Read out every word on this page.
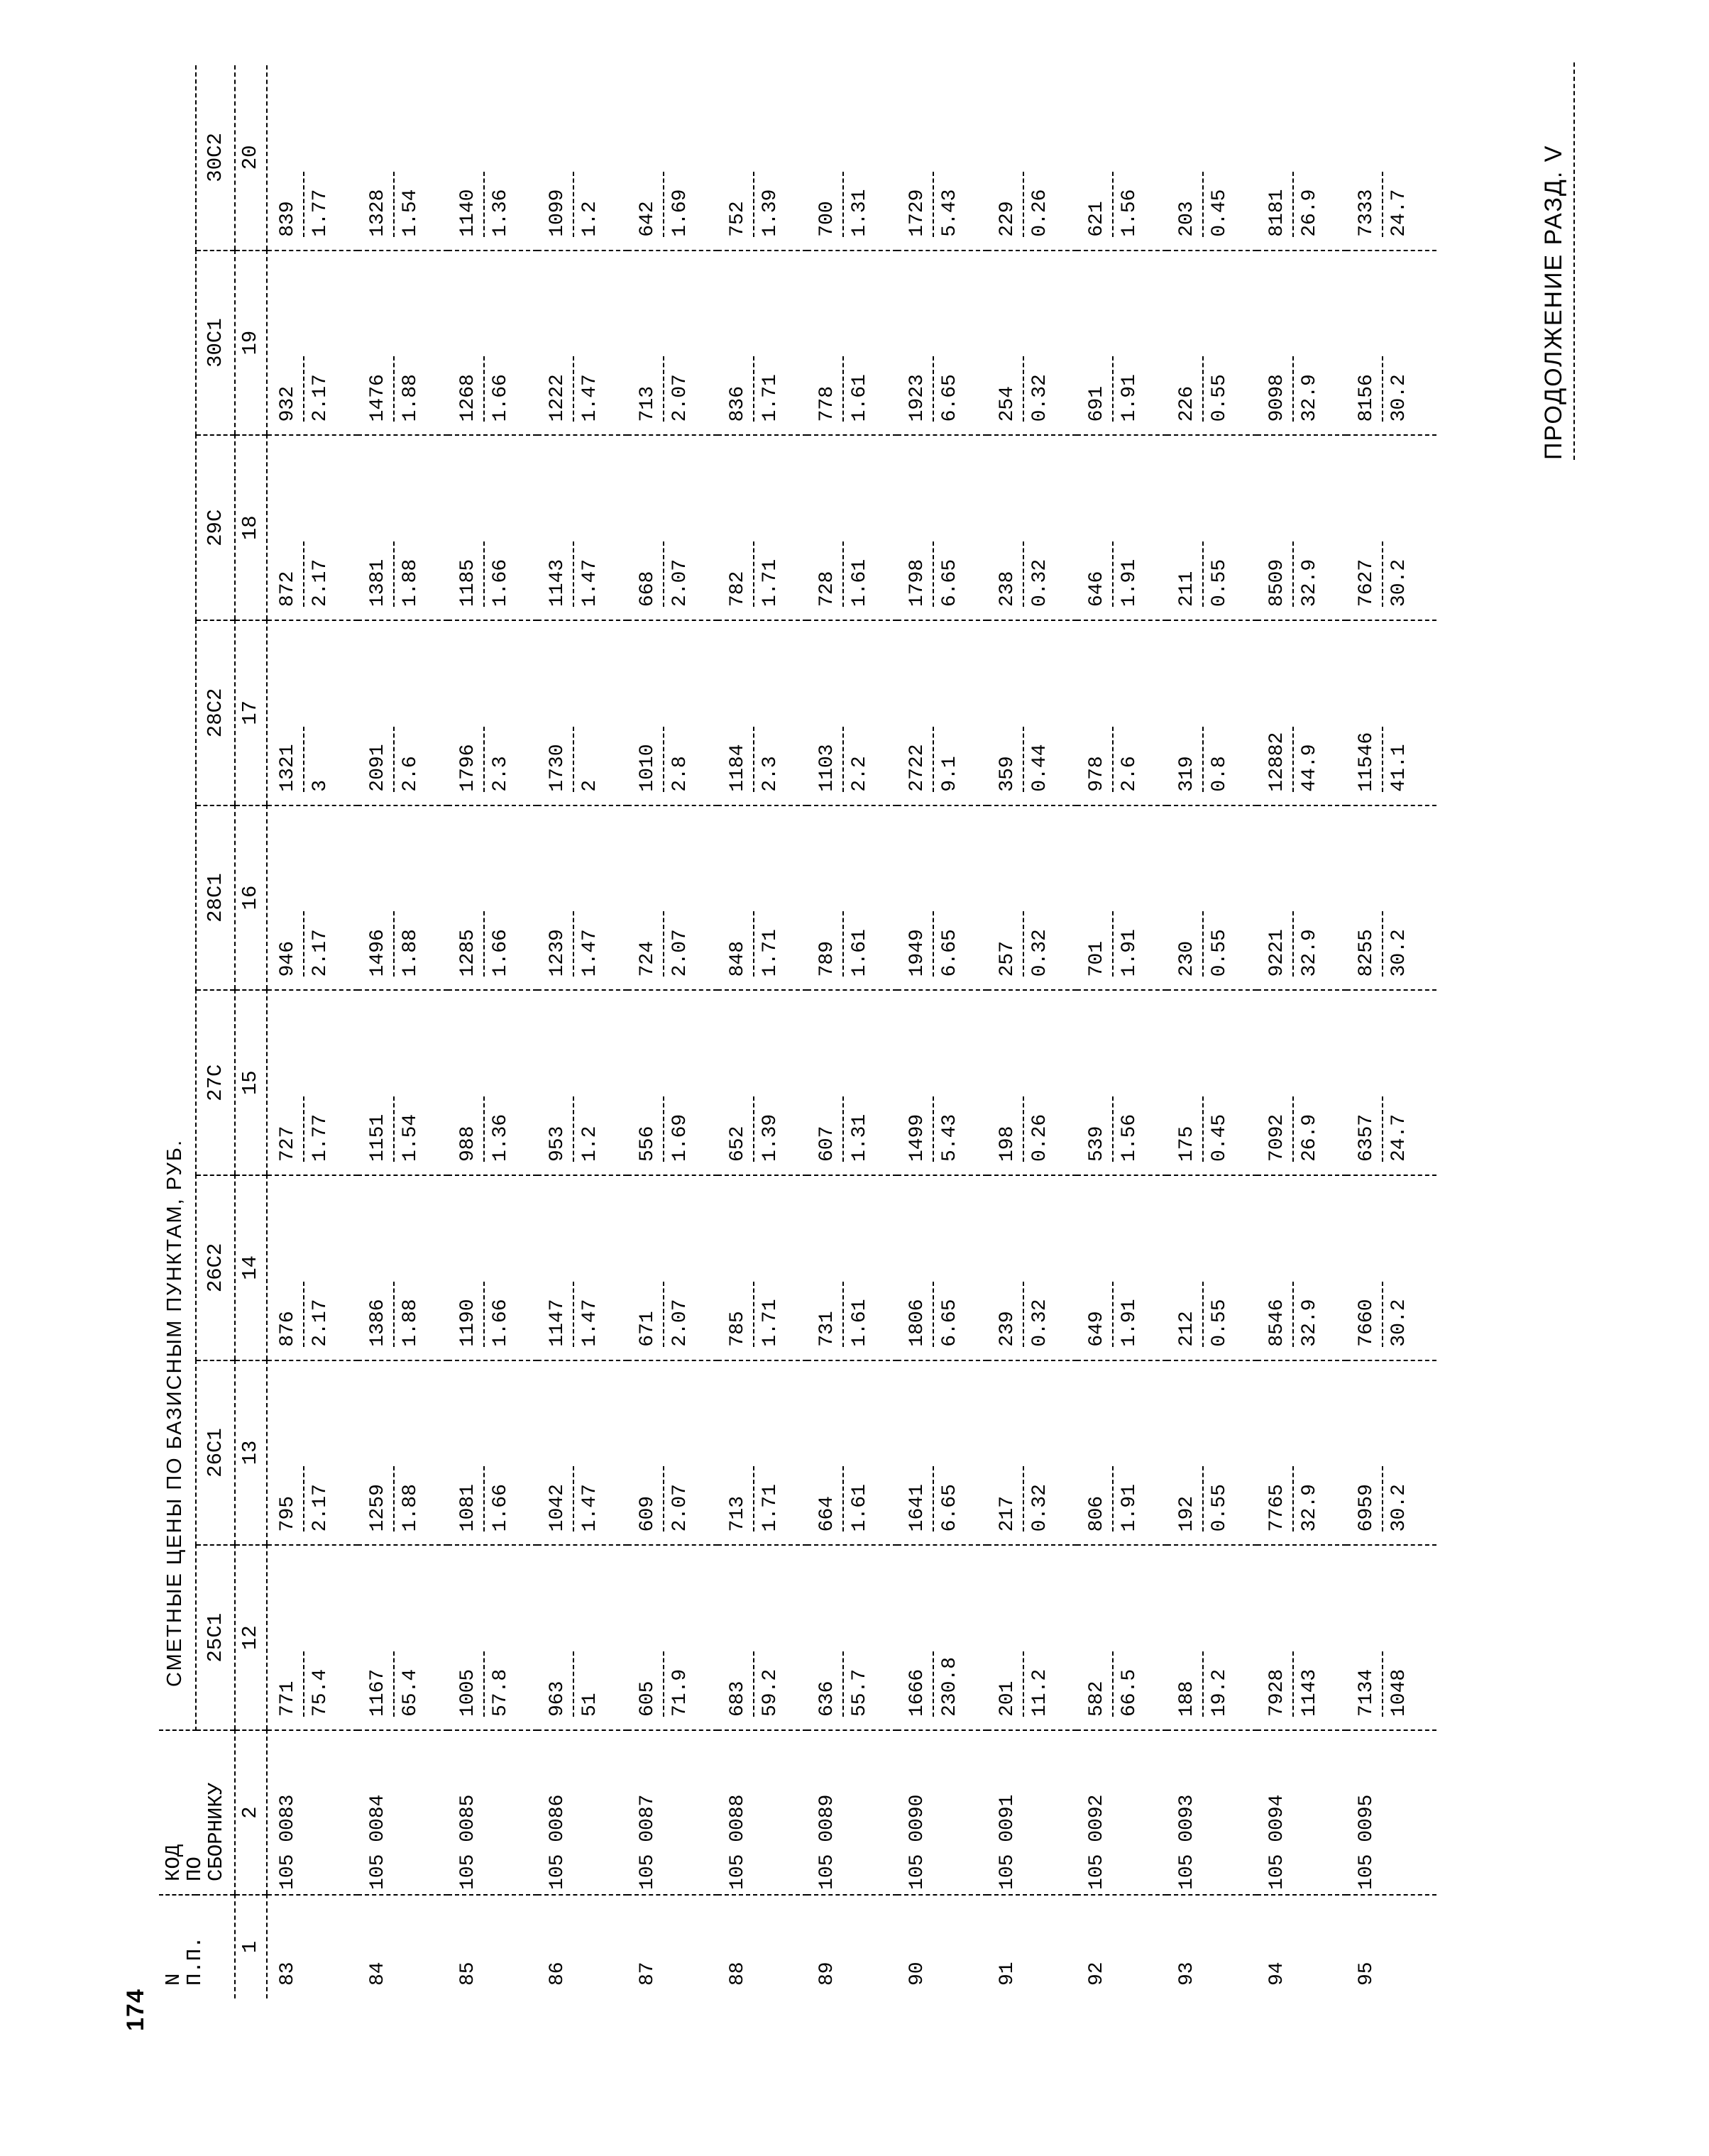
174
ПРОДОЛЖЕНИЕ РАЗД. V
N
П.П.	КОД
ПО
СБОРНИКУ	СМЕТНЫЕ ЦЕНЫ ПО БАЗИСНЫМ ПУНКТАМ, РУБ.								
		25С1	26С1	26С2	27С	28С1	28С2	29С	30С1	30С2
1	2	12	13	14	15	16	17	18	19	20

83	105 0083	771 75.4	795 2.17	876 2.17	727 1.77	946 2.17	1321 3	872 2.17	932 2.17	839 1.77

84	105 0084	1167 65.4	1259 1.88	1386 1.88	1151 1.54	1496 1.88	2091 2.6	1381 1.88	1476 1.88	1328 1.54

85	105 0085	1005 57.8	1081 1.66	1190 1.66	988 1.36	1285 1.66	1796 2.3	1185 1.66	1268 1.66	1140 1.36

86	105 0086	963 51	1042 1.47	1147 1.47	953 1.2	1239 1.47	1730 2	1143 1.47	1222 1.47	1099 1.2

87	105 0087	605 71.9	609 2.07	671 2.07	556 1.69	724 2.07	1010 2.8	668 2.07	713 2.07	642 1.69

88	105 0088	683 59.2	713 1.71	785 1.71	652 1.39	848 1.71	1184 2.3	782 1.71	836 1.71	752 1.39

89	105 0089	636 55.7	664 1.61	731 1.61	607 1.31	789 1.61	1103 2.2	728 1.61	778 1.61	700 1.31

90	105 0090	1666 230.8	1641 6.65	1806 6.65	1499 5.43	1949 6.65	2722 9.1	1798 6.65	1923 6.65	1729 5.43

91	105 0091	201 11.2	217 0.32	239 0.32	198 0.26	257 0.32	359 0.44	238 0.32	254 0.32	229 0.26

92	105 0092	582 66.5	806 1.91	649 1.91	539 1.56	701 1.91	978 2.6	646 1.91	691 1.91	621 1.56

93	105 0093	188 19.2	192 0.55	212 0.55	175 0.45	230 0.55	319 0.8	211 0.55	226 0.55	203 0.45

94	105 0094	7928 1143	7765 32.9	8546 32.9	7092 26.9	9221 32.9	12882 44.9	8509 32.9	9098 32.9	8181 26.9

95	105 0095	7134 1048	6959 30.2	7660 30.2	6357 24.7	8255 30.2	11546 41.1	7627 30.2	8156 30.2	7333 24.7
